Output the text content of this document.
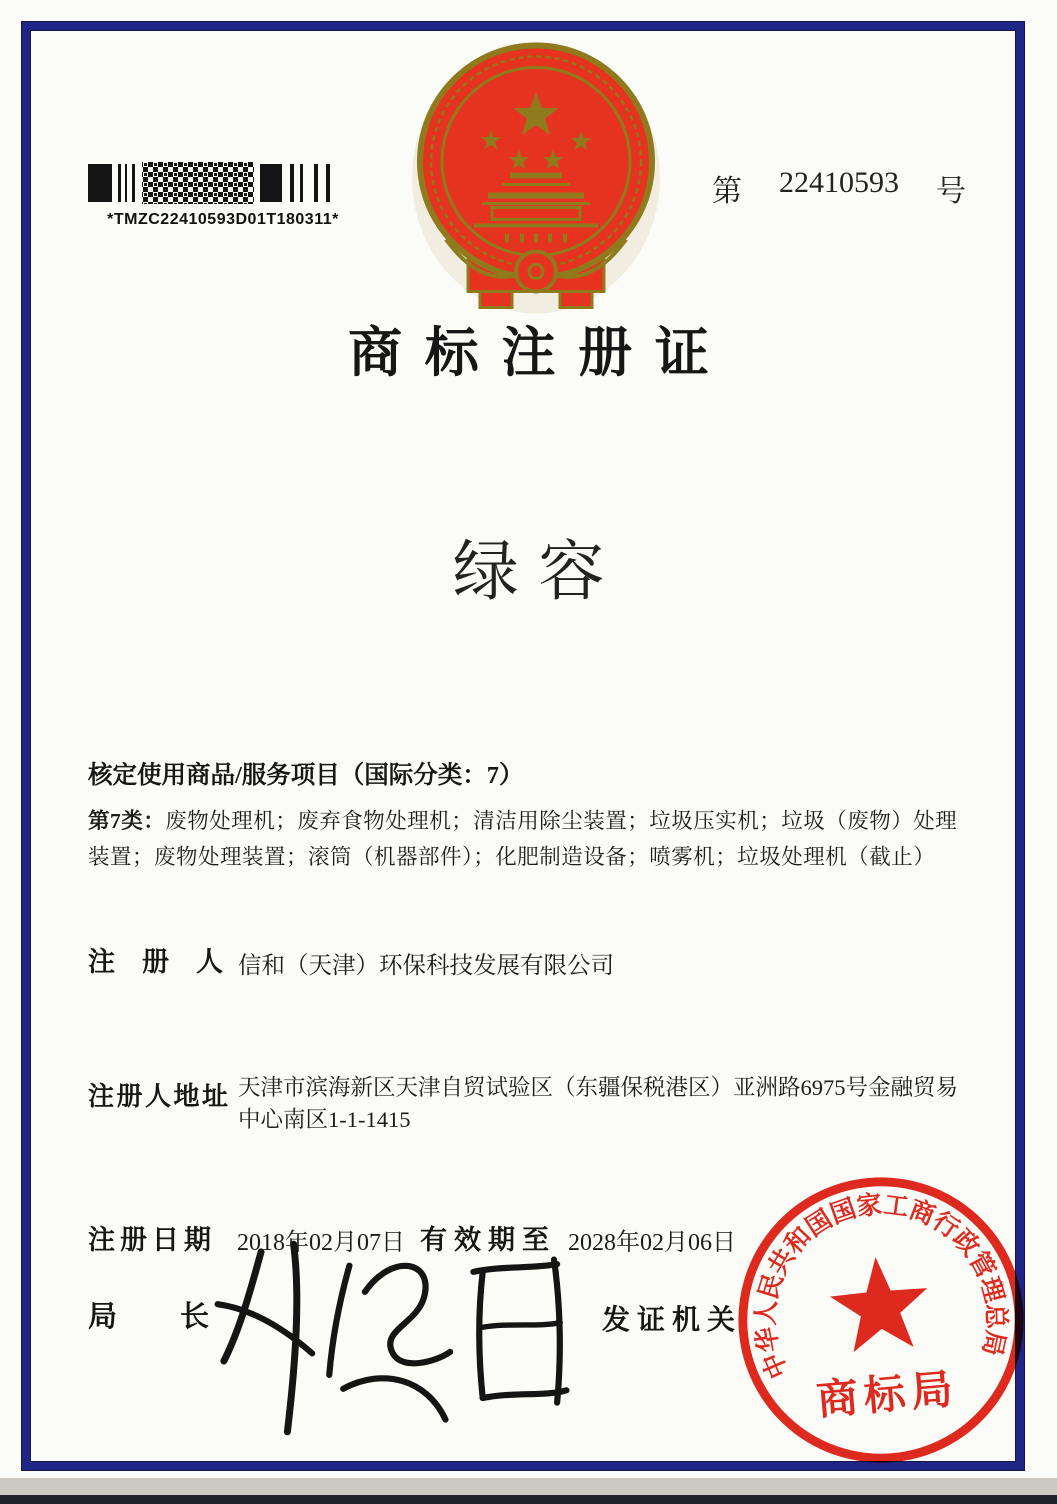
*TMZC22410593D01T180311*
第 22410593 号
商标注册证
绿容
核定使用商品/服务项目（国际分类：7）

第7类：废物处理机；废弃食物处理机；清洁用除尘装置；垃圾压实机；垃圾（废物）处理装置；废物处理装置；滚筒（机器部件）；化肥制造设备；喷雾机；垃圾处理机（截止）

注册人
信和（天津）环保科技发展有限公司
注册人地址 天津市滨海新区天津自贸试验区（东疆保税港区）亚洲路6975号金融贸易中心南区1-1-1415
注册日期 2018年02月07日 有效期至 2028年02月06日
局 长	发证机关
中华人民共和国国家工商行政管理总局
商标局
